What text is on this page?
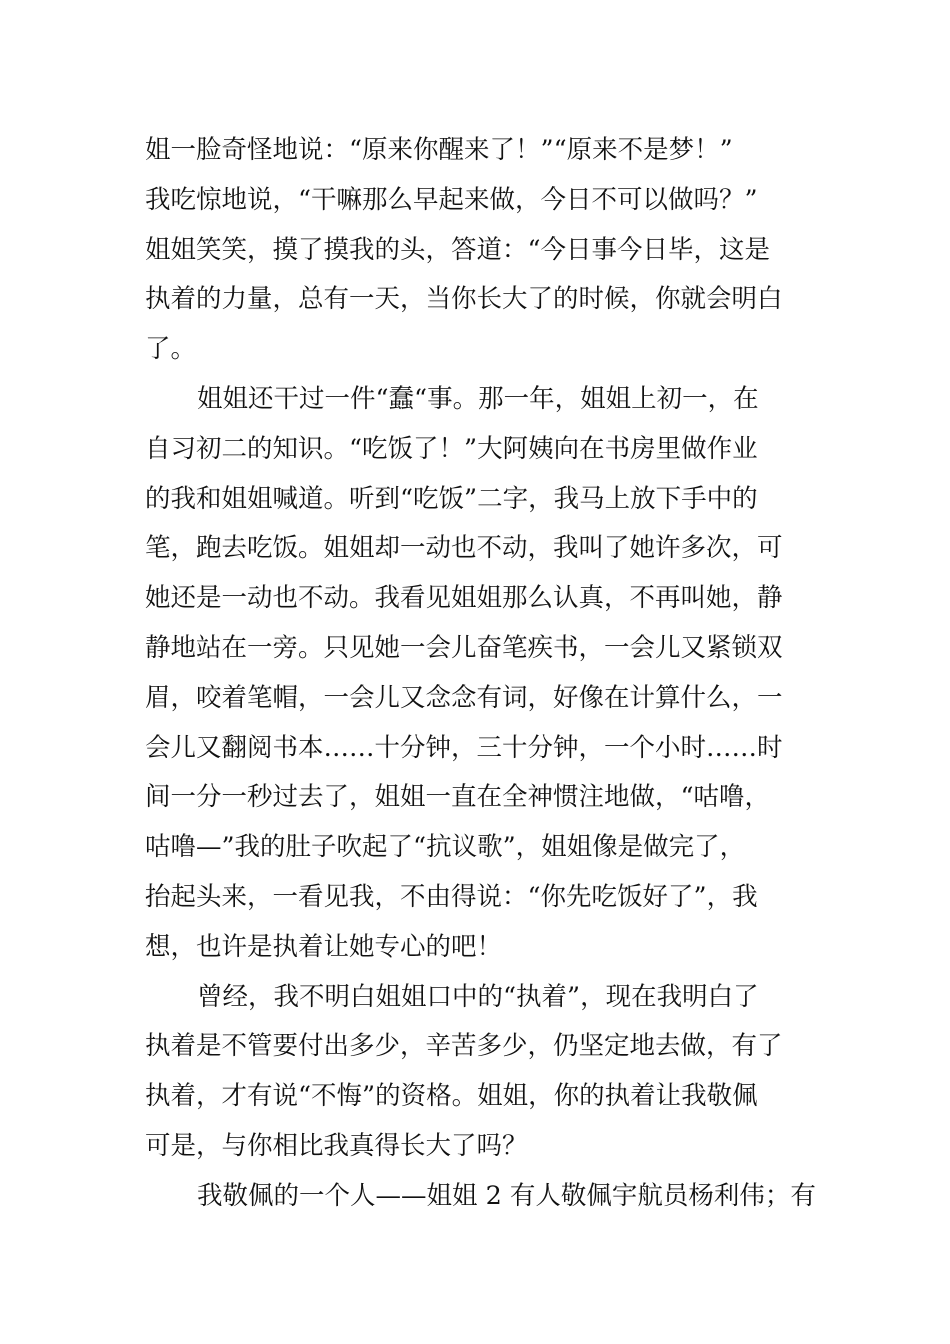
姐一脸奇怪地说：“原来你醒来了！”“原来不是梦！”
我吃惊地说，“干嘛那么早起来做，今日不可以做吗？”
姐姐笑笑，摸了摸我的头，答道：“今日事今日毕，这是
执着的力量，总有一天，当你长大了的时候，你就会明白
了。
姐姐还干过一件“蠢“事。那一年，姐姐上初一，在
自习初二的知识。“吃饭了！”大阿姨向在书房里做作业
的我和姐姐喊道。听到“吃饭”二字，我马上放下手中的
笔，跑去吃饭。姐姐却一动也不动，我叫了她许多次，可
她还是一动也不动。我看见姐姐那么认真，不再叫她，静
静地站在一旁。只见她一会儿奋笔疾书，一会儿又紧锁双
眉，咬着笔帽，一会儿又念念有词，好像在计算什么，一
会儿又翻阅书本……十分钟，三十分钟，一个小时……时
间一分一秒过去了，姐姐一直在全神惯注地做，“咕噜，
咕噜—”我的肚子吹起了“抗议歌”，姐姐像是做完了，
抬起头来，一看见我，不由得说：“你先吃饭好了”，我
想，也许是执着让她专心的吧！
曾经，我不明白姐姐口中的“执着”，现在我明白了
执着是不管要付出多少，辛苦多少，仍坚定地去做，有了
执着，才有说“不悔”的资格。姐姐，你的执着让我敬佩
可是，与你相比我真得长大了吗？
我敬佩的一个人——姐姐 2 有人敬佩宇航员杨利伟；有
